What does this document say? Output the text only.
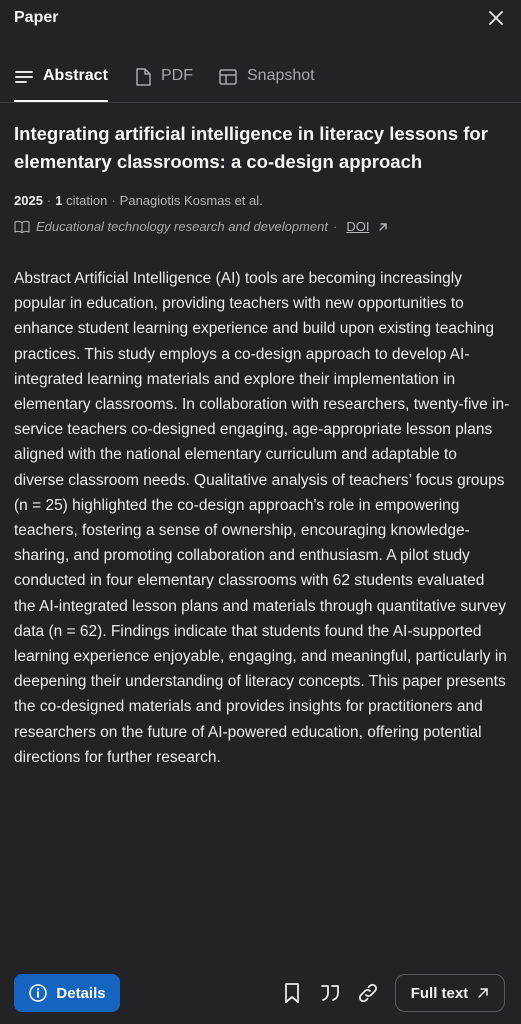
Paper
Abstract	PDF	Snapshot
Integrating artificial intelligence in literacy lessons for elementary classrooms: a co-design approach
2025 · 1 citation · Panagiotis Kosmas et al.
Educational technology research and development · DOI

Abstract Artificial Intelligence (AI) tools are becoming increasingly popular in education, providing teachers with new opportunities to enhance student learning experience and build upon existing teaching practices. This study employs a co-design approach to develop AI-integrated learning materials and explore their implementation in elementary classrooms. In collaboration with researchers, twenty-five in-service teachers co-designed engaging, age-appropriate lesson plans aligned with the national elementary curriculum and adaptable to diverse classroom needs. Qualitative analysis of teachers’ focus groups (n = 25) highlighted the co-design approach's role in empowering teachers, fostering a sense of ownership, encouraging knowledge-sharing, and promoting collaboration and enthusiasm. A pilot study conducted in four elementary classrooms with 62 students evaluated the AI-integrated lesson plans and materials through quantitative survey data (n = 62). Findings indicate that students found the AI-supported learning experience enjoyable, engaging, and meaningful, particularly in deepening their understanding of literacy concepts. This paper presents the co-designed materials and provides insights for practitioners and researchers on the future of AI-powered education, offering potential directions for further research.

Details	Full text
